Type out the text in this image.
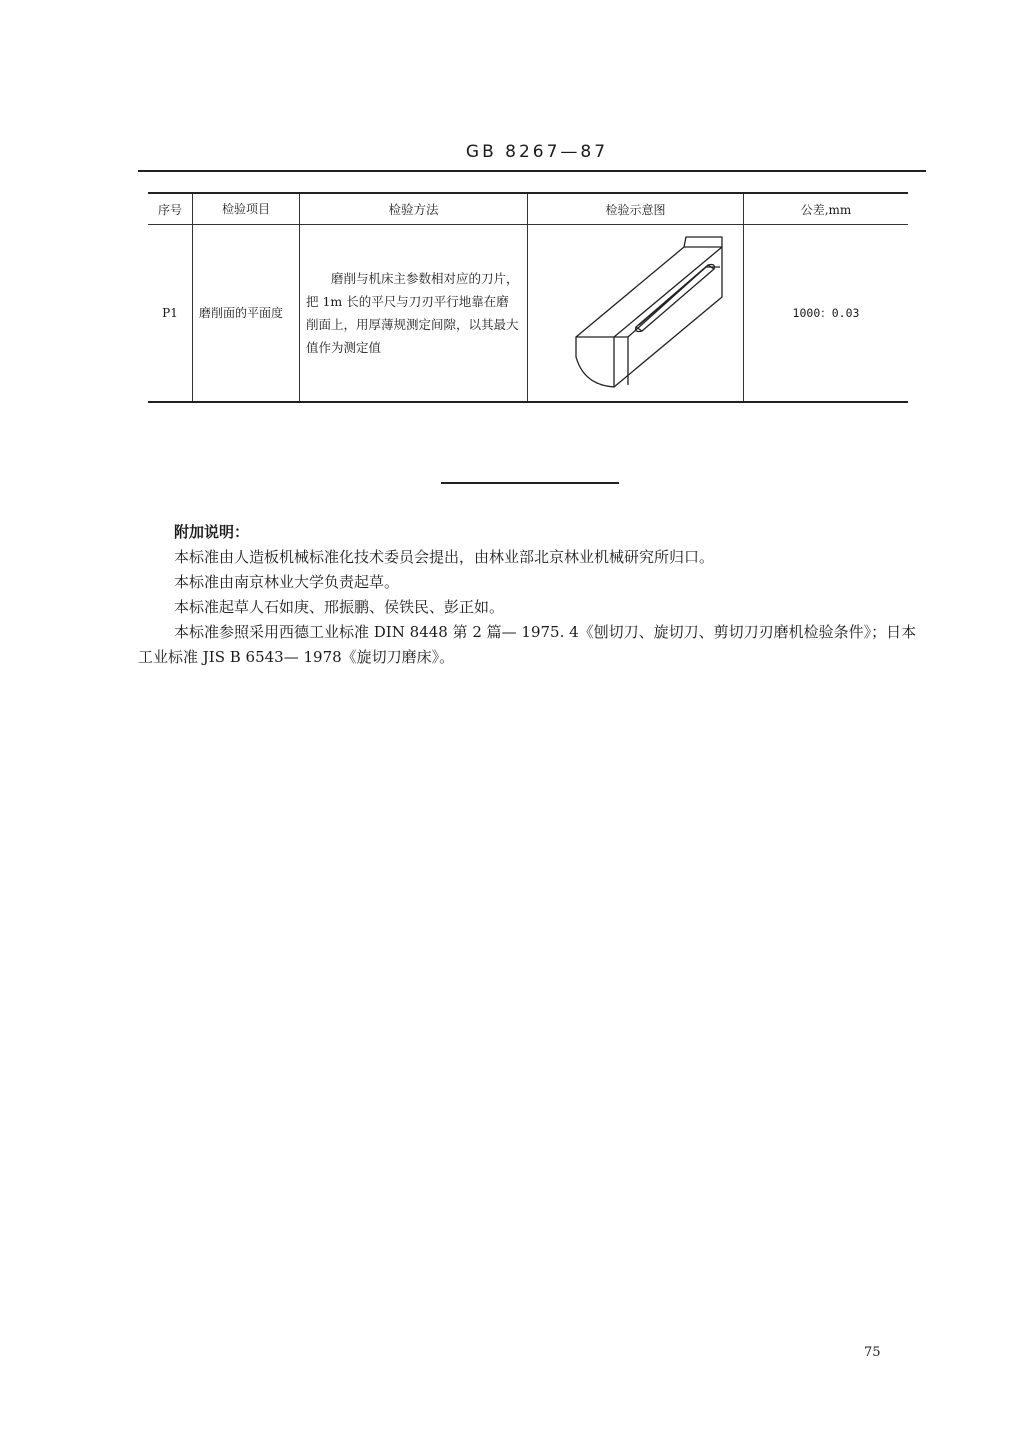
GB 8267—87
序号	检验项目	检验方法	检验示意图	公差,mm
P1	磨削面的平面度	磨削与机床主参数相对应的刀片，把 1m 长的平尺与刀刃平行地靠在磨削面上，用厚薄规测定间隙，以其最大值作为测定值		1000：0.03

附加说明：

本标准由人造板机械标准化技术委员会提出，由林业部北京林业机械研究所归口。

本标准由南京林业大学负责起草。

本标准起草人石如庚、邢振鹏、侯铁民、彭正如。

本标准参照采用西德工业标准 DIN 8448 第 2 篇— 1975. 4《刨切刀、旋切刀、剪切刀刃磨机检验条件》；日本工业标准 JIS B 6543— 1978《旋切刀磨床》。

75
